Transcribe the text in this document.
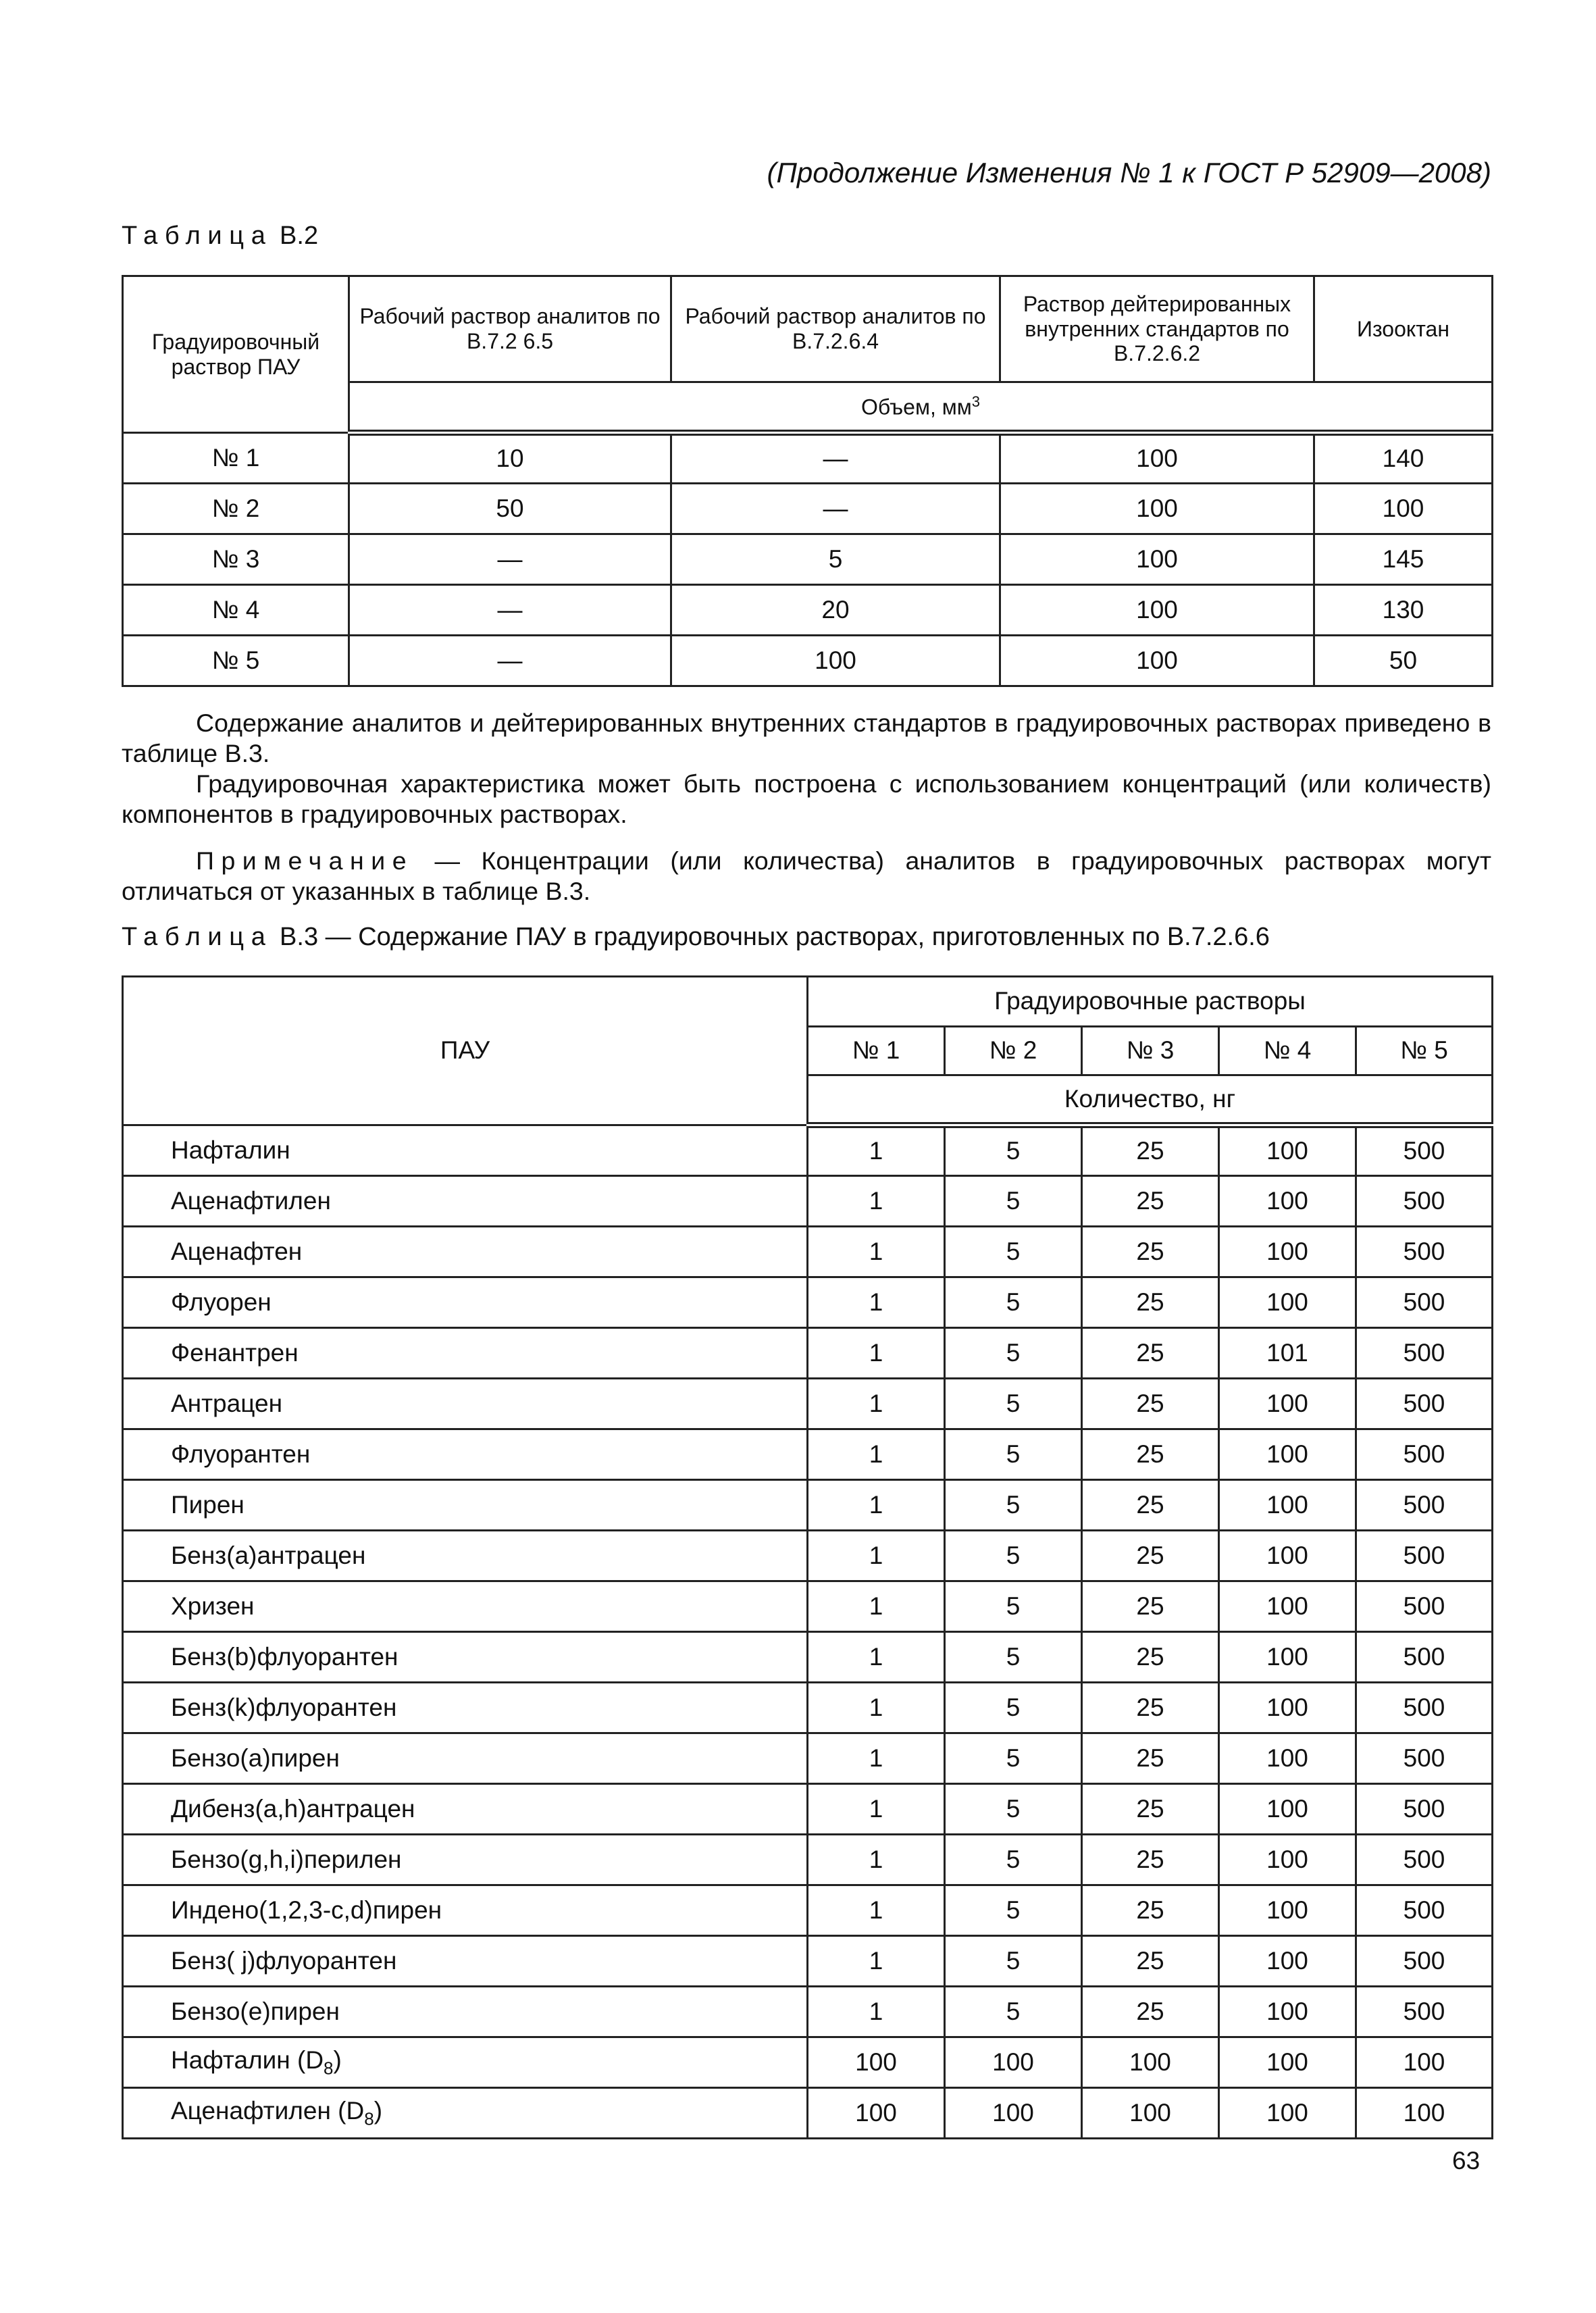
(Продолжение Изменения № 1 к ГОСТ Р 52909—2008)
Таблица В.2
Градуировочный раствор ПАУ	Рабочий раствор аналитов по В.7.2 6.5	Рабочий раствор аналитов по В.7.2.6.4	Раствор дейтерированных внутренних стандартов по В.7.2.6.2	Изооктан
	Объем, $мм^3$
№ 1	10	—	100	140
№ 2	50	—	100	100
№ 3	—	5	100	145
№ 4	—	20	100	130
№ 5	—	100	100	50
Содержание аналитов и дейтерированных внутренних стандартов в градуировочных растворах приведено в таблице В.3.
Градуировочная характеристика может быть построена с использованием концентраций (или количеств) компонентов в градуировочных растворах.
Примечание — Концентрации (или количества) аналитов в градуировочных растворах могут отличаться от указанных в таблице В.3.
Таблица В.3 — Содержание ПАУ в градуировочных растворах, приготовленных по В.7.2.6.6
ПАУ	Градуировочные растворы				
	№ 1	№ 2	№ 3	№ 4	№ 5
	Количество, нг				
Нафталин	1	5	25	100	500
Аценафтилен	1	5	25	100	500
Аценафтен	1	5	25	100	500
Флуорен	1	5	25	100	500
Фенантрен	1	5	25	101	500
Антрацен	1	5	25	100	500
Флуорантен	1	5	25	100	500
Пирен	1	5	25	100	500
Бенз(а)антрацен	1	5	25	100	500
Хризен	1	5	25	100	500
Бенз(b)флуорантен	1	5	25	100	500
Бенз(k)флуорантен	1	5	25	100	500
Бензо(а)пирен	1	5	25	100	500
Дибенз(а,h)антрацен	1	5	25	100	500
Бензо(g,h,i)перилен	1	5	25	100	500
Индено(1,2,3-c,d)пирен	1	5	25	100	500
Бенз( j)флуорантен	1	5	25	100	500
Бензо(е)пирен	1	5	25	100	500
Нафталин $(D_8)$	100	100	100	100	100
Аценафтилен $(D_8)$	100	100	100	100	100
63
